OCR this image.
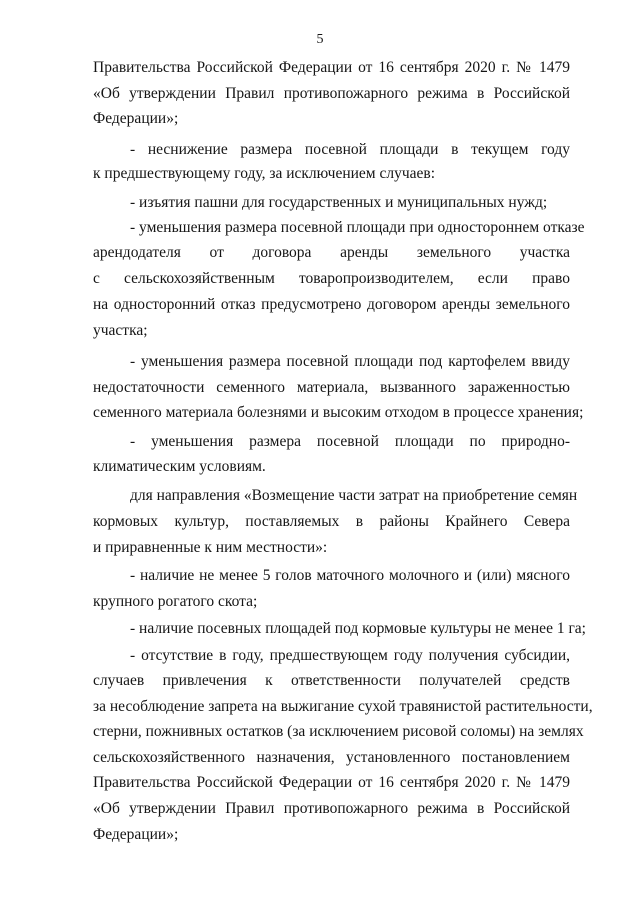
5
Правительства Российской Федерации от 16 сентября 2020 г. № 1479
«Об утверждении Правил противопожарного режима в Российской
Федерации»;
- неснижение размера посевной площади в текущем году
к предшествующему году, за исключением случаев:
- изъятия пашни для государственных и муниципальных нужд;
- уменьшения размера посевной площади при одностороннем отказе
арендодателя от договора аренды земельного участка
с сельскохозяйственным товаропроизводителем, если право
на односторонний отказ предусмотрено договором аренды земельного
участка;
- уменьшения размера посевной площади под картофелем ввиду
недостаточности семенного материала, вызванного зараженностью
семенного материала болезнями и высоким отходом в процессе хранения;
- уменьшения размера посевной площади по природно-
климатическим условиям.
для направления «Возмещение части затрат на приобретение семян
кормовых культур, поставляемых в районы Крайнего Севера
и приравненные к ним местности»:
- наличие не менее 5 голов маточного молочного и (или) мясного
крупного рогатого скота;
- наличие посевных площадей под кормовые культуры не менее 1 га;
- отсутствие в году, предшествующем году получения субсидии,
случаев привлечения к ответственности получателей средств
за несоблюдение запрета на выжигание сухой травянистой растительности,
стерни, пожнивных остатков (за исключением рисовой соломы) на землях
сельскохозяйственного назначения, установленного постановлением
Правительства Российской Федерации от 16 сентября 2020 г. № 1479
«Об утверждении Правил противопожарного режима в Российской
Федерации»;
